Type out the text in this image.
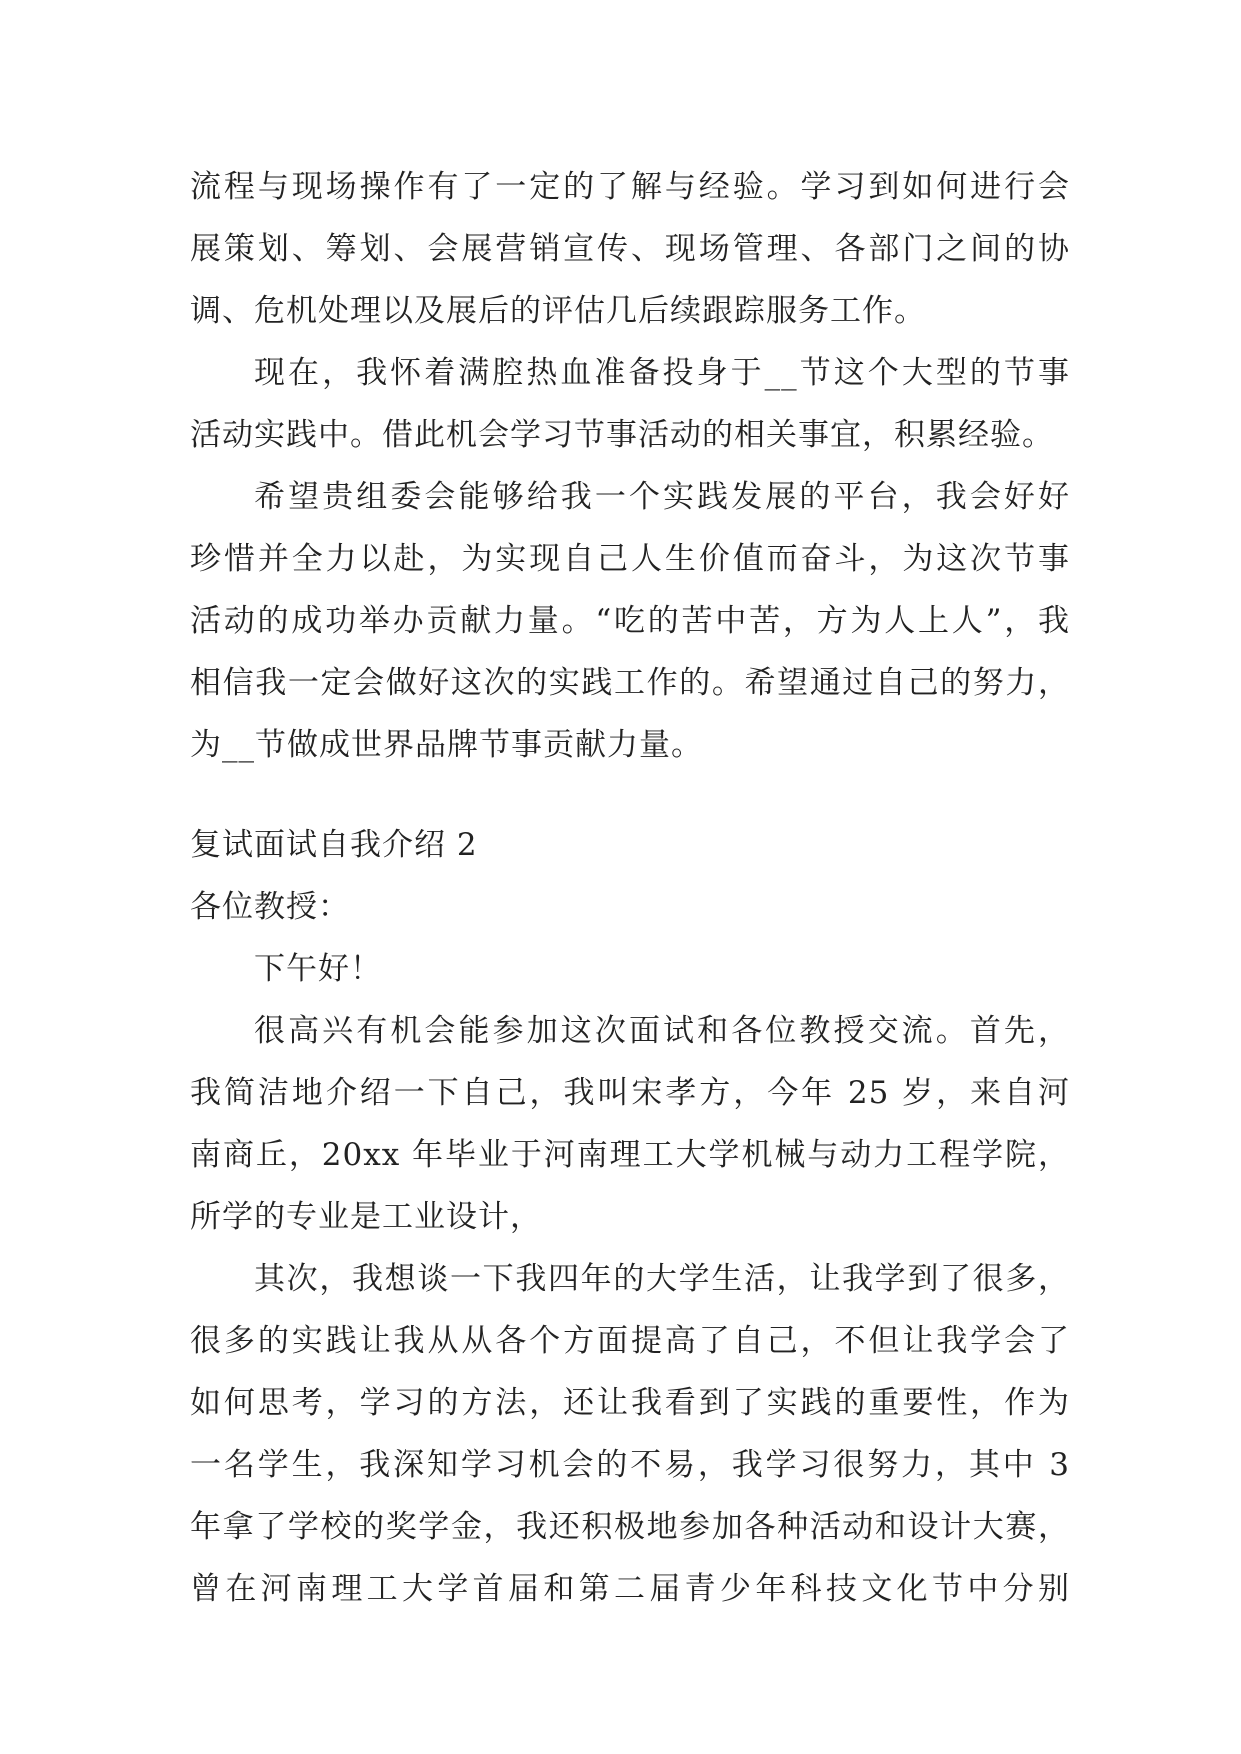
流程与现场操作有了一定的了解与经验。学习到如何进行会
展策划、筹划、会展营销宣传、现场管理、各部门之间的协
调、危机处理以及展后的评估几后续跟踪服务工作。
现在，我怀着满腔热血准备投身于__节这个大型的节事
活动实践中。借此机会学习节事活动的相关事宜，积累经验。
希望贵组委会能够给我一个实践发展的平台，我会好好
珍惜并全力以赴，为实现自己人生价值而奋斗，为这次节事
活动的成功举办贡献力量。“吃的苦中苦，方为人上人”，我
相信我一定会做好这次的实践工作的。希望通过自己的努力，
为__节做成世界品牌节事贡献力量。
复试面试自我介绍 2
各位教授：
下午好！
很高兴有机会能参加这次面试和各位教授交流。首先，
我简洁地介绍一下自己，我叫宋孝方，今年 25 岁，来自河
南商丘，20xx 年毕业于河南理工大学机械与动力工程学院，
所学的专业是工业设计，
其次，我想谈一下我四年的大学生活，让我学到了很多，
很多的实践让我从从各个方面提高了自己，不但让我学会了
如何思考，学习的方法，还让我看到了实践的重要性，作为
一名学生，我深知学习机会的不易，我学习很努力，其中 3
年拿了学校的奖学金，我还积极地参加各种活动和设计大赛，
曾在河南理工大学首届和第二届青少年科技文化节中分别
